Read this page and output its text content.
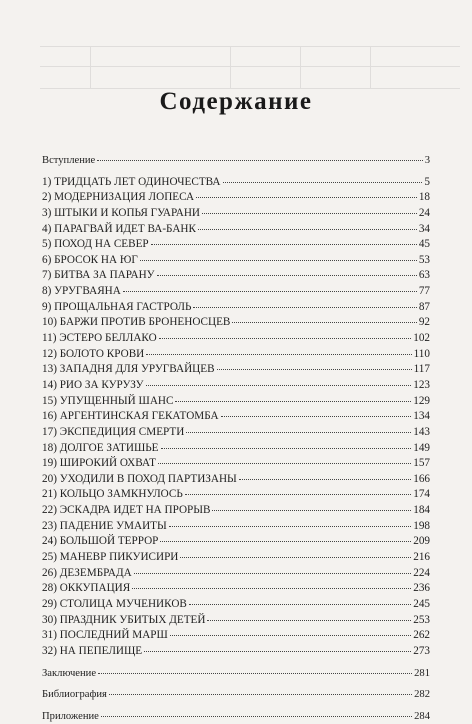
Содержание
Вступление	3
1) ТРИДЦАТЬ ЛЕТ ОДИНОЧЕСТВА	5
2) МОДЕРНИЗАЦИЯ ЛОПЕСА	18
3) ШТЫКИ И КОПЬЯ ГУАРАНИ	24
4) ПАРАГВАЙ ИДЕТ ВА-БАНК	34
5) ПОХОД НА СЕВЕР	45
6) БРОСОК НА ЮГ	53
7) БИТВА ЗА ПАРАНУ	63
8) УРУГВАЯНА	77
9) ПРОЩАЛЬНАЯ ГАСТРОЛЬ	87
10) БАРЖИ ПРОТИВ БРОНЕНОСЦЕВ	92
11) ЭСТЕРО БЕЛЛАКО	102
12) БОЛОТО КРОВИ	110
13) ЗАПАДНЯ ДЛЯ УРУГВАЙЦЕВ	117
14) РИО ЗА КУРУЗУ	123
15) УПУЩЕННЫЙ ШАНС	129
16) АРГЕНТИНСКАЯ ГЕКАТОМБА	134
17) ЭКСПЕДИЦИЯ СМЕРТИ	143
18) ДОЛГОЕ ЗАТИШЬЕ	149
19) ШИРОКИЙ ОХВАТ	157
20) УХОДИЛИ В ПОХОД ПАРТИЗАНЫ	166
21) КОЛЬЦО ЗАМКНУЛОСЬ	174
22) ЭСКАДРА ИДЕТ НА ПРОРЫВ	184
23) ПАДЕНИЕ УМАИТЫ	198
24) БОЛЬШОЙ ТЕРРОР	209
25) МАНЕВР ПИКУИСИРИ	216
26) ДЕЗЕМБРАДА	224
28) ОККУПАЦИЯ	236
29) СТОЛИЦА МУЧЕНИКОВ	245
30) ПРАЗДНИК УБИТЫХ ДЕТЕЙ	253
31) ПОСЛЕДНИЙ МАРШ	262
32) НА ПЕПЕЛИЩЕ	273
Заключение	281
Библиография	282
Приложение	284
